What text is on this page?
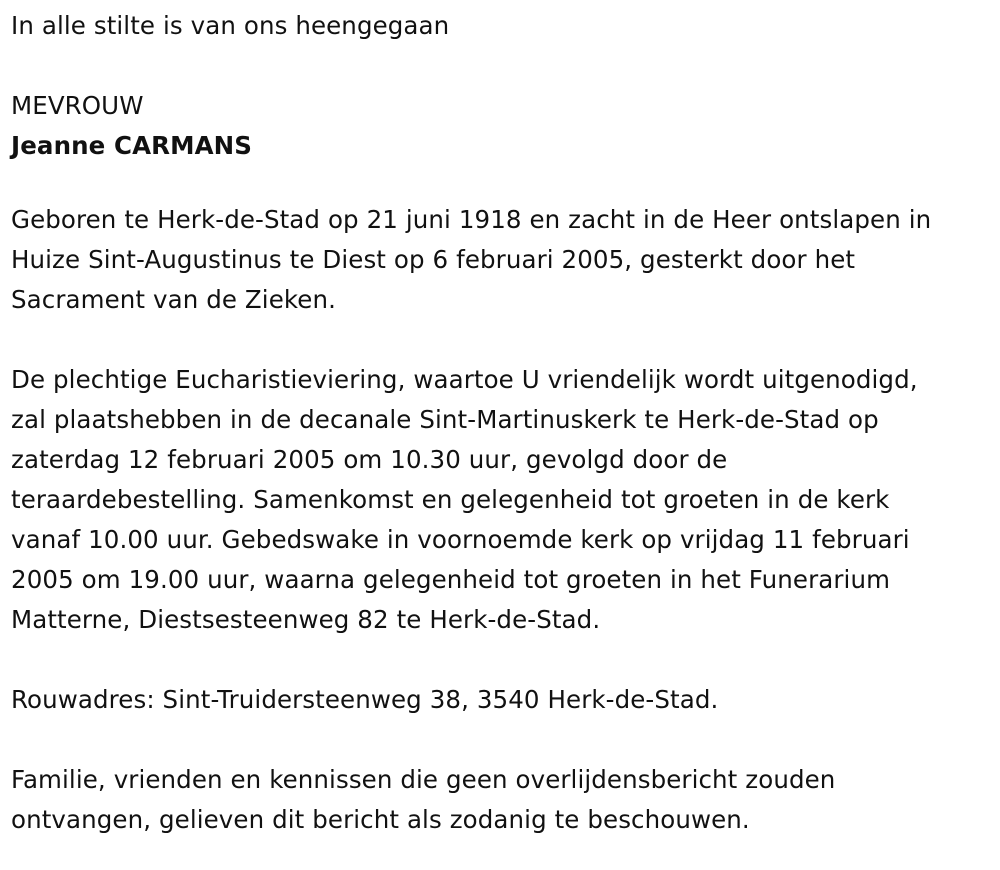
In alle stilte is van ons heengegaan
MEVROUW
Jeanne CARMANS
Geboren te Herk-de-Stad op 21 juni 1918 en zacht in de Heer ontslapen in
Huize Sint-Augustinus te Diest op 6 februari 2005, gesterkt door het
Sacrament van de Zieken.
De plechtige Eucharistieviering, waartoe U vriendelijk wordt uitgenodigd,
zal plaatshebben in de decanale Sint-Martinuskerk te Herk-de-Stad op
zaterdag 12 februari 2005 om 10.30 uur, gevolgd door de
teraardebestelling. Samenkomst en gelegenheid tot groeten in de kerk
vanaf 10.00 uur. Gebedswake in voornoemde kerk op vrijdag 11 februari
2005 om 19.00 uur, waarna gelegenheid tot groeten in het Funerarium
Matterne, Diestsesteenweg 82 te Herk-de-Stad.
Rouwadres: Sint-Truidersteenweg 38, 3540 Herk-de-Stad.
Familie, vrienden en kennissen die geen overlijdensbericht zouden
ontvangen, gelieven dit bericht als zodanig te beschouwen.
